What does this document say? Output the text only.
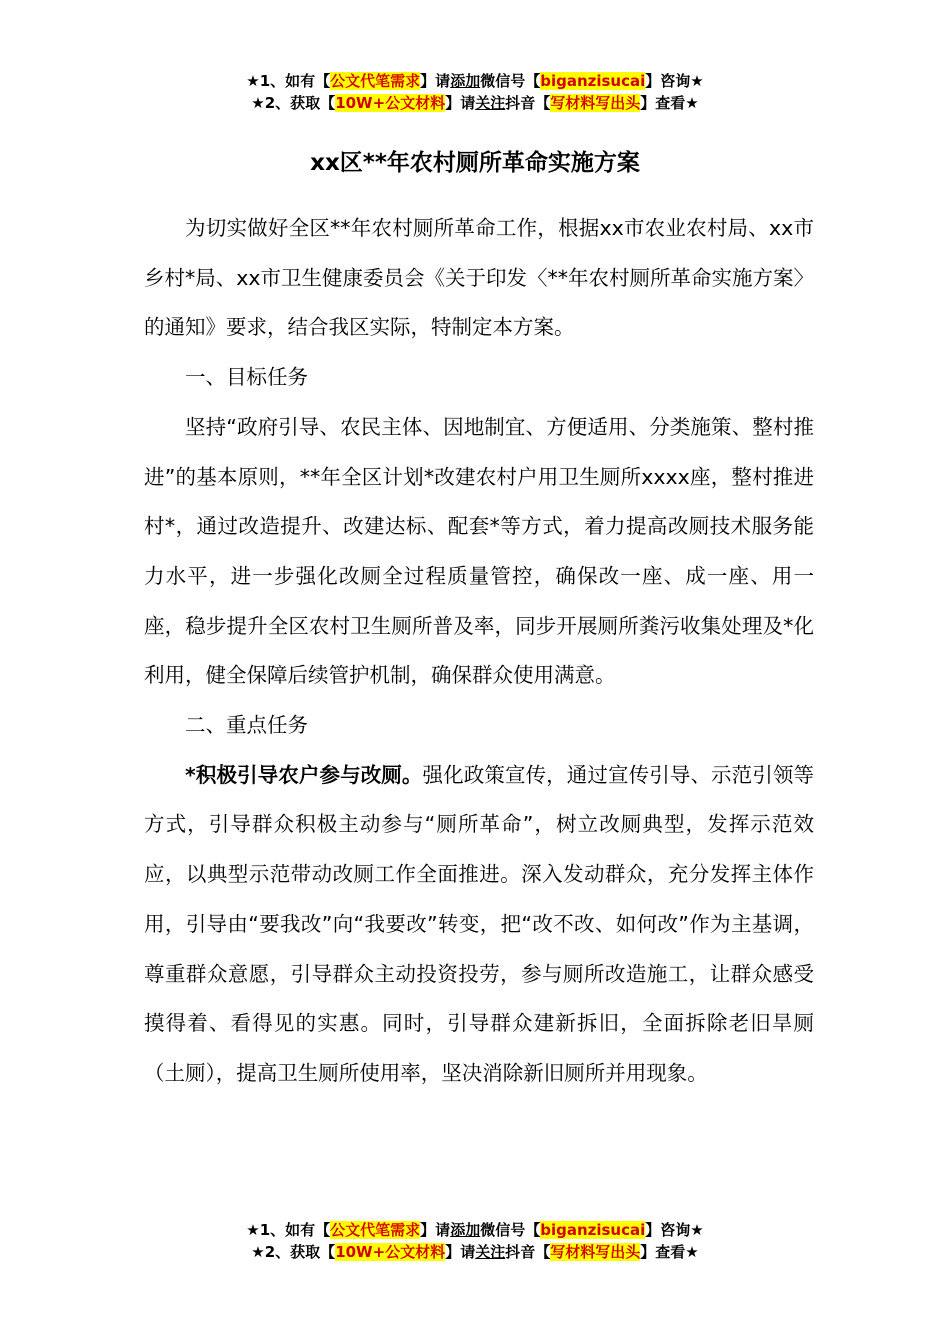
★1、如有【公文代笔需求】请添加微信号【biganzisucai】咨询★
★2、获取【10W+公文材料】请关注抖音【写材料写出头】查看★
xx区**年农村厕所革命实施方案

为切实做好全区**年农村厕所革命工作，根据xx市农业农村局、xx市乡村*局、xx市卫生健康委员会《关于印发〈**年农村厕所革命实施方案〉的通知》要求，结合我区实际，特制定本方案。

一、目标任务

坚持“政府引导、农民主体、因地制宜、方便适用、分类施策、整村推进”的基本原则，**年全区计划*改建农村户用卫生厕所xxxx座，整村推进村*，通过改造提升、改建达标、配套*等方式，着力提高改厕技术服务能力水平，进一步强化改厕全过程质量管控，确保改一座、成一座、用一座，稳步提升全区农村卫生厕所普及率，同步开展厕所粪污收集处理及*化利用，健全保障后续管护机制，确保群众使用满意。

二、重点任务

*积极引导农户参与改厕。强化政策宣传，通过宣传引导、示范引领等方式，引导群众积极主动参与“厕所革命”，树立改厕典型，发挥示范效应，以典型示范带动改厕工作全面推进。深入发动群众，充分发挥主体作用，引导由“要我改”向“我要改”转变，把“改不改、如何改”作为主基调，尊重群众意愿，引导群众主动投资投劳，参与厕所改造施工，让群众感受摸得着、看得见的实惠。同时，引导群众建新拆旧，全面拆除老旧旱厕（土厕），提高卫生厕所使用率，坚决消除新旧厕所并用现象。

★1、如有【公文代笔需求】请添加微信号【biganzisucai】咨询★
★2、获取【10W+公文材料】请关注抖音【写材料写出头】查看★
